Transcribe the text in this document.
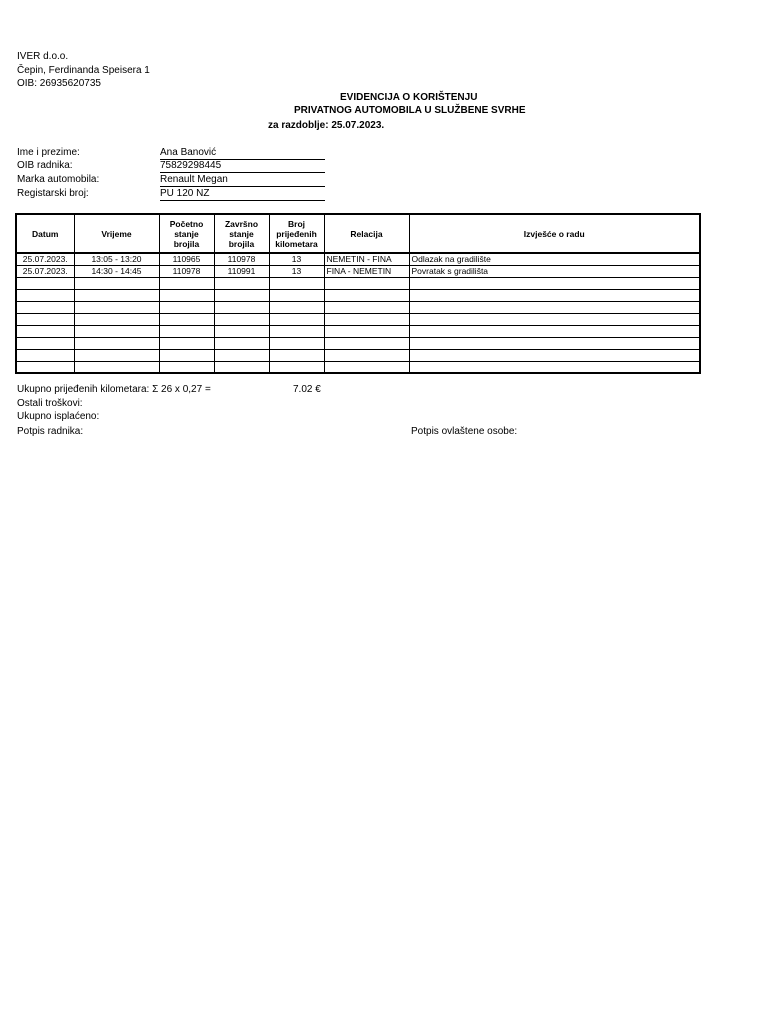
IVER d.o.o.
Čepin, Ferdinanda Speisera 1
OIB: 26935620735
EVIDENCIJA O KORIŠTENJU
PRIVATNOG AUTOMOBILA U SLUŽBENE SVRHE
za razdoblje: 25.07.2023.
Ime i prezime:	Ana Banović
OIB radnika:	75829298445
Marka automobila:	Renault Megan
Registarski broj:	PU 120 NZ
Datum	Vrijeme	Početno stanje brojila	Završno stanje brojila	Broj prijeđenih kilometara	Relacija	Izvješće o radu
25.07.2023.	13:05 - 13:20	110965	110978	13	NEMETIN - FINA	Odlazak na gradilište
25.07.2023.	14:30 - 14:45	110978	110991	13	FINA - NEMETIN	Povratak s gradilišta

Ukupno prijeđenih kilometara: Σ 26 x 0,27 =	7.02 €
Ostali troškovi:
Ukupno isplaćeno:
Potpis radnika:	Potpis ovlaštene osobe:
